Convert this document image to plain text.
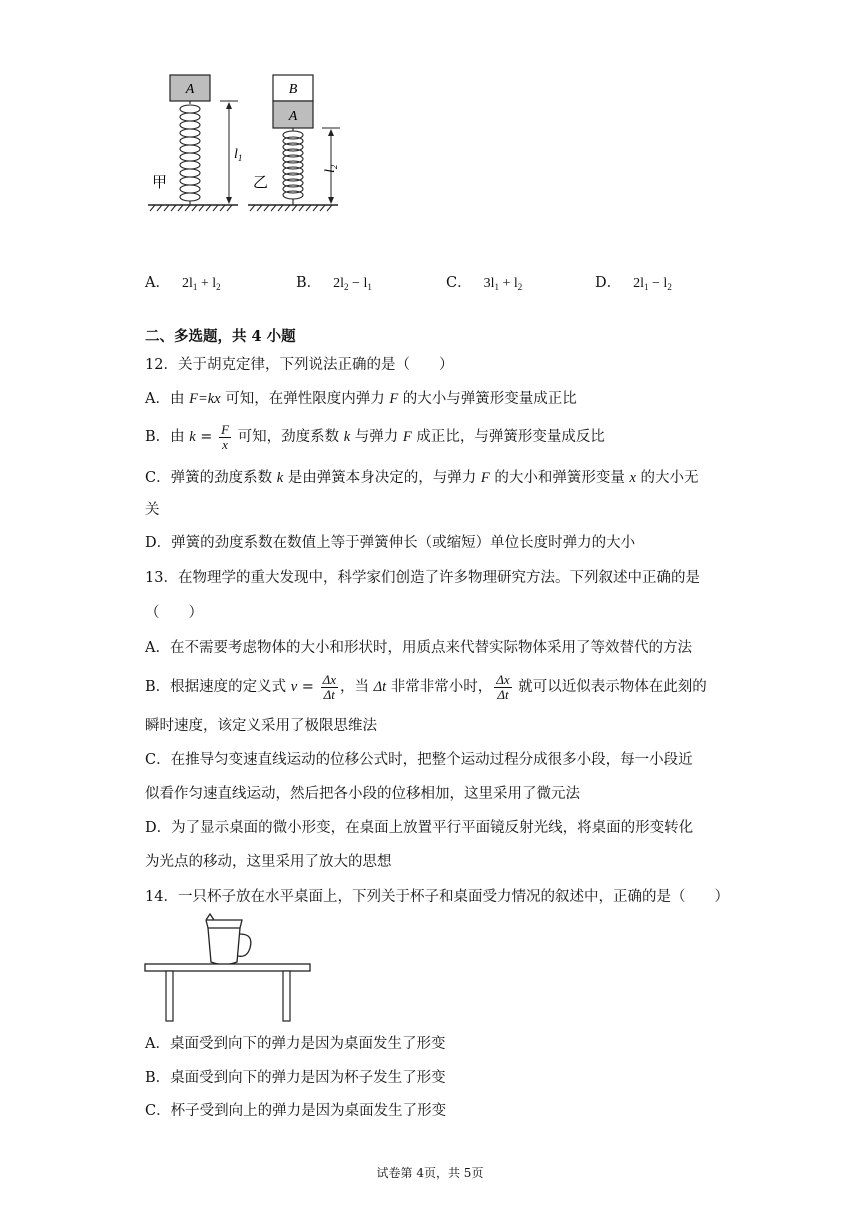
A
$l_1$
甲
B
A
$l_2$
乙
A． $2l_1 + l_2$	B． $2l_2 - l_1$	C． $3l_1 + l_2$	D． $2l_1 - l_2$
二、多选题，共 4 小题
12．关于胡克定律，下列说法正确的是（　　）
A．由 F=kx 可知，在弹性限度内弹力 F 的大小与弹簧形变量成正比
B．由 $k = \frac{F}{x}$ 可知，劲度系数 k 与弹力 F 成正比，与弹簧形变量成反比
C．弹簧的劲度系数 k 是由弹簧本身决定的，与弹力 F 的大小和弹簧形变量 x 的大小无
关
D．弹簧的劲度系数在数值上等于弹簧伸长（或缩短）单位长度时弹力的大小
13．在物理学的重大发现中，科学家们创造了许多物理研究方法。下列叙述中正确的是
（　　）
A．在不需要考虑物体的大小和形状时，用质点来代替实际物体采用了等效替代的方法
B．根据速度的定义式 $v = \frac{\Delta x}{\Delta t}$ ，当 Δt 非常非常小时， $\frac{\Delta x}{\Delta t}$ 就可以近似表示物体在此刻的
瞬时速度，该定义采用了极限思维法
C．在推导匀变速直线运动的位移公式时，把整个运动过程分成很多小段，每一小段近
似看作匀速直线运动，然后把各小段的位移相加，这里采用了微元法
D．为了显示桌面的微小形变，在桌面上放置平行平面镜反射光线，将桌面的形变转化
为光点的移动，这里采用了放大的思想
14．一只杯子放在水平桌面上，下列关于杯子和桌面受力情况的叙述中，正确的是（　　）
A．桌面受到向下的弹力是因为桌面发生了形变
B．桌面受到向下的弹力是因为杯子发生了形变
C．杯子受到向上的弹力是因为桌面发生了形变
试卷第 4页，共 5页
